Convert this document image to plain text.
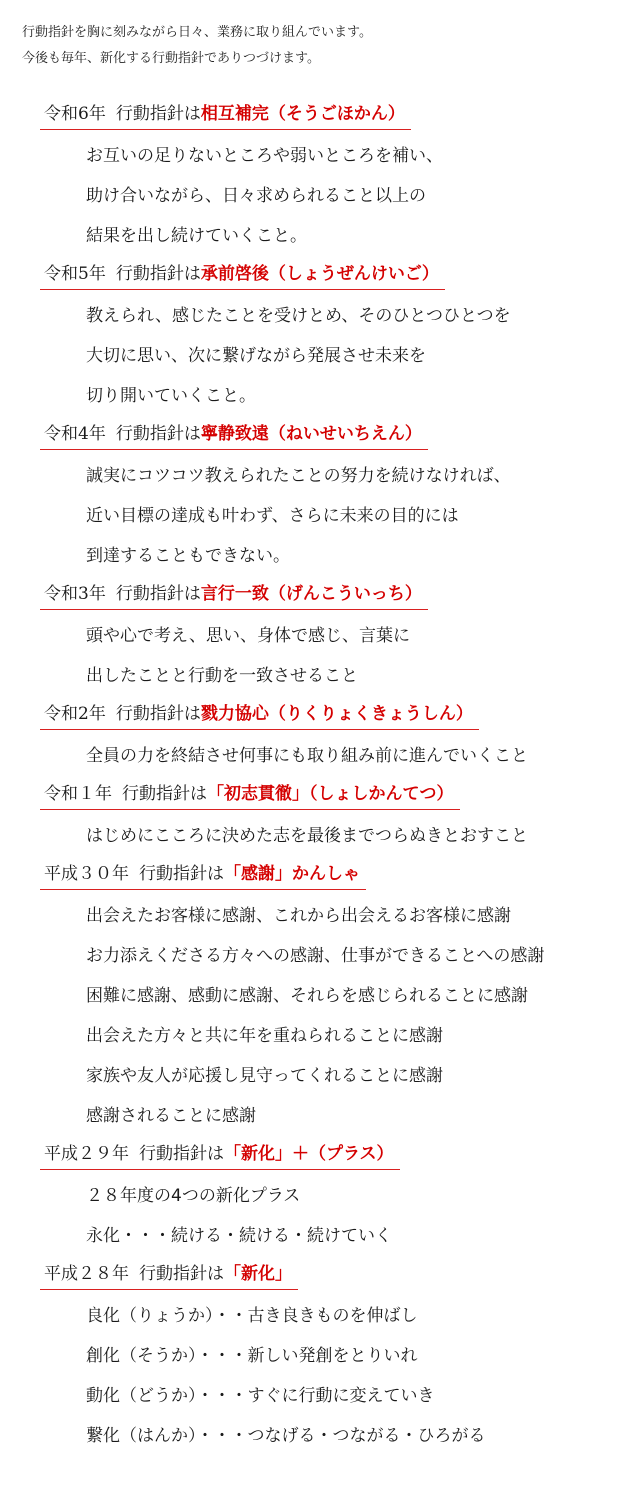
行動指針を胸に刻みながら日々、業務に取り組んでいます。
今後も毎年、新化する行動指針でありつづけます。
令和6年 行動指針は相互補完（そうごほかん）
お互いの足りないところや弱いところを補い、
助け合いながら、日々求められること以上の
結果を出し続けていくこと。
令和5年 行動指針は承前啓後（しょうぜんけいご）
教えられ、感じたことを受けとめ、そのひとつひとつを
大切に思い、次に繋げながら発展させ未来を
切り開いていくこと。
令和4年 行動指針は寧静致遠（ねいせいちえん）
誠実にコツコツ教えられたことの努力を続けなければ、
近い目標の達成も叶わず、さらに未来の目的には
到達することもできない。
令和3年 行動指針は言行一致（げんこういっち）
頭や心で考え、思い、身体で感じ、言葉に
出したことと行動を一致させること
令和2年 行動指針は戮力協心（りくりょくきょうしん）
全員の力を終結させ何事にも取り組み前に進んでいくこと
令和１年 行動指針は「初志貫徹」（しょしかんてつ）
はじめにこころに決めた志を最後までつらぬきとおすこと
平成３０年 行動指針は「感謝」かんしゃ
出会えたお客様に感謝、これから出会えるお客様に感謝
お力添えくださる方々への感謝、仕事ができることへの感謝
困難に感謝、感動に感謝、それらを感じられることに感謝
出会えた方々と共に年を重ねられることに感謝
家族や友人が応援し見守ってくれることに感謝
感謝されることに感謝
平成２９年 行動指針は「新化」＋（プラス）
２８年度の4つの新化プラス
永化・・・続ける・続ける・続けていく
平成２８年 行動指針は「新化」
良化（りょうか）・・古き良きものを伸ばし
創化（そうか）・・・新しい発創をとりいれ
動化（どうか）・・・すぐに行動に変えていき
繋化（はんか）・・・つなげる・つながる・ひろがる
